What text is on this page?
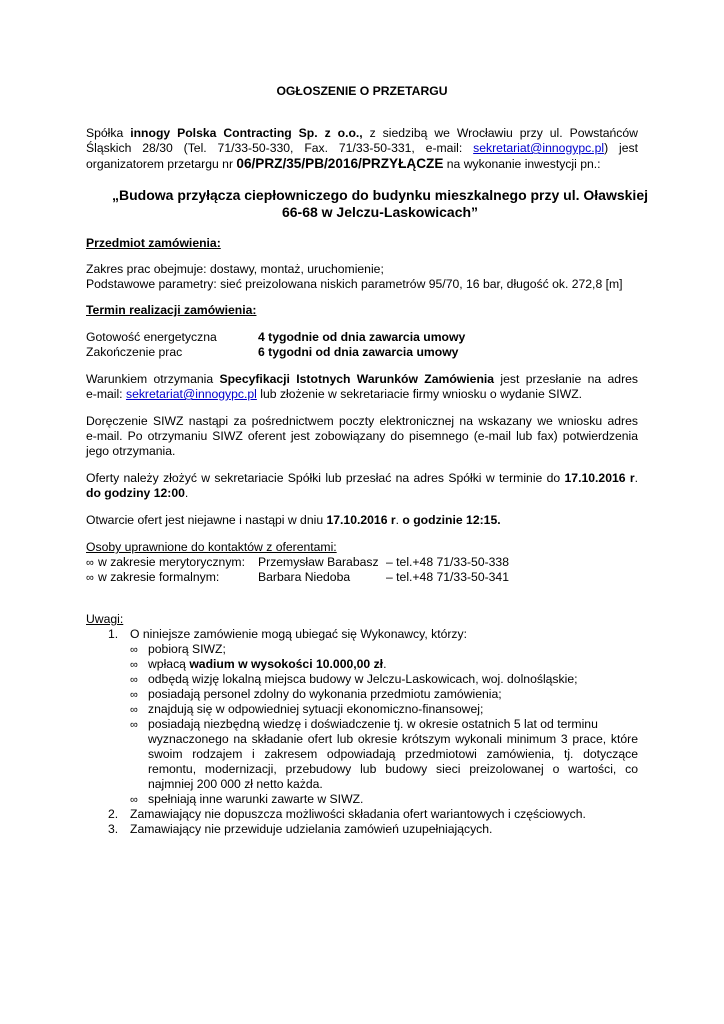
OGŁOSZENIE O PRZETARGU
Spółka innogy Polska Contracting Sp. z o.o., z siedzibą we Wrocławiu przy ul. Powstańców
Śląskich 28/30 (Tel. 71/33-50-330, Fax. 71/33-50-331, e-mail: sekretariat@innogypc.pl) jest
organizatorem przetargu nr 06/PRZ/35/PB/2016/PRZYŁĄCZE na wykonanie inwestycji pn.:
„Budowa przyłącza ciepłowniczego do budynku mieszkalnego przy ul. Oławskiej
66-68 w Jelczu-Laskowicach”
Przedmiot zamówienia:
Zakres prac obejmuje: dostawy, montaż, uruchomienie;
Podstawowe parametry: sieć preizolowana niskich parametrów 95/70, 16 bar, długość ok. 272,8 [m]
Termin realizacji zamówienia:
Gotowość energetyczna	4 tygodnie od dnia zawarcia umowy
Zakończenie prac	6 tygodni od dnia zawarcia umowy
Warunkiem otrzymania Specyfikacji Istotnych Warunków Zamówienia jest przesłanie na adres
e-mail: sekretariat@innogypc.pl lub złożenie w sekretariacie firmy wniosku o wydanie SIWZ.
Doręczenie SIWZ nastąpi za pośrednictwem poczty elektronicznej na wskazany we wniosku adres
e-mail. Po otrzymaniu SIWZ oferent jest zobowiązany do pisemnego (e-mail lub fax) potwierdzenia
jego otrzymania.
Oferty należy złożyć w sekretariacie Spółki lub przesłać na adres Spółki w terminie do 17.10.2016 r.
do godziny 12:00.
Otwarcie ofert jest niejawne i nastąpi w dniu 17.10.2016 r. o godzinie 12:15.
Osoby uprawnione do kontaktów z oferentami:
∞ w zakresie merytorycznym: Przemysław Barabasz – tel.+48 71/33-50-338
∞ w zakresie formalnym:	Barbara Niedoba	– tel.+48 71/33-50-341
Uwagi:
1. O niniejsze zamówienie mogą ubiegać się Wykonawcy, którzy:
∞ pobiorą SIWZ;
∞ wpłacą wadium w wysokości 10.000,00 zł.
∞ odbędą wizję lokalną miejsca budowy w Jelczu-Laskowicach, woj. dolnośląskie;
∞ posiadają personel zdolny do wykonania przedmiotu zamówienia;
∞ znajdują się w odpowiedniej sytuacji ekonomiczno-finansowej;
∞ posiadają niezbędną wiedzę i doświadczenie tj. w okresie ostatnich 5 lat od terminu
wyznaczonego na składanie ofert lub okresie krótszym wykonali minimum 3 prace, które
swoim rodzajem i zakresem odpowiadają przedmiotowi zamówienia, tj. dotyczące
remontu, modernizacji, przebudowy lub budowy sieci preizolowanej o wartości, co
najmniej 200 000 zł netto każda.
∞ spełniają inne warunki zawarte w SIWZ.
2. Zamawiający nie dopuszcza możliwości składania ofert wariantowych i częściowych.
3. Zamawiający nie przewiduje udzielania zamówień uzupełniających.
